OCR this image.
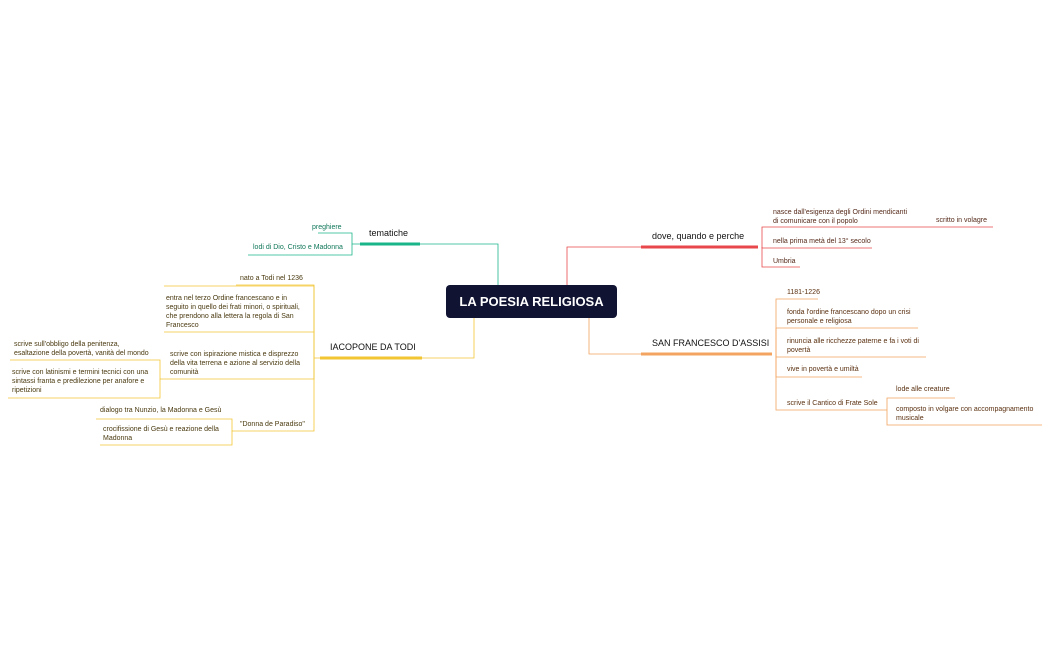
LA POESIA RELIGIOSA
tematiche
preghiere
lodi di Dio, Cristo e Madonna
dove, quando e perche
nasce dall'esigenza degli Ordini mendicanti di comunicare con il popolo	scritto in volagre
nella prima metà del 13° secolo
Umbria
IACOPONE DA TODI
nato a Todi nel 1236
entra nel terzo Ordine francescano e in seguito in quello dei frati minori, o spirituali, che prendono alla lettera la regola di San Francesco
scrive con ispirazione mistica e disprezzo della vita terrena e azione al servizio della comunità
scrive sull'obbligo della penitenza, esaltazione della povertà, vanità del mondo
scrive con latinismi e termini tecnici con una sintassi franta e predilezione per anafore e ripetizioni
"Donna de Paradiso"
dialogo tra Nunzio, la Madonna e Gesù
crocifissione di Gesù e reazione della Madonna
SAN FRANCESCO D'ASSISI
1181-1226
fonda l'ordine francescano dopo un crisi personale e religiosa
rinuncia alle ricchezze paterne e fa i voti di povertà
vive in povertà e umiltà
scrive il Cantico di Frate Sole
lode alle creature
composto in volgare con accompagnamento musicale
